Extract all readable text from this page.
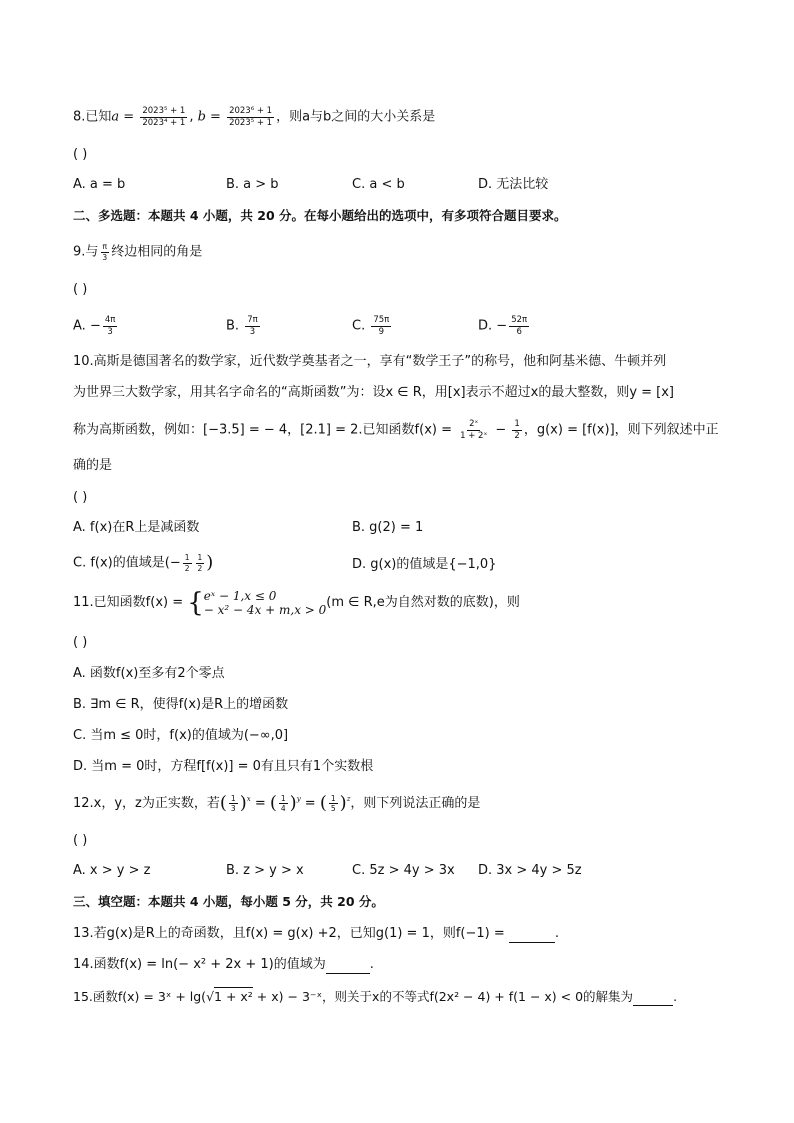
8.已知$a = \frac{\text{2023⁵ + 1}}{\text{2023⁴ + 1}}$ , $b = \frac{\text{2023⁶ + 1}}{\text{2023⁵ + 1}}$ ，则a与b之间的大小关系是
( )
A. a = b	B. a > b	C. a < b	D. 无法比较
二、多选题：本题共 4 小题，共 20 分。在每小题给出的选项中，有多项符合题目要求。
9.与 $\frac{\pi}{3}$ 终边相同的角是
( )
A. − $\frac{4\pi}{3}$	B. $\frac{7\pi}{3}$	C. $\frac{75\pi}{9}$	D. − $\frac{52\pi}{6}$
10.高斯是德国著名的数学家，近代数学奠基者之一，享有“数学王子”的称号，他和阿基米德、牛顿并列
为世界三大数学家，用其名字命名的“高斯函数”为：设x ∈ R，用[x]表示不超过x的最大整数，则y = [x]
称为高斯函数，例如：[−3.5] = − 4，[2.1] = 2.已知函数$f(x) = \frac{\text{2ˣ}}{\text{1 + 2ˣ}} - \frac{1}{2}$ ，g(x) = [f(x)]，则下列叙述中正
确的是
( )
A. f(x)在R上是减函数	B. g(2) = 1
C. f(x)的值域是(− $\frac{1}{2} \frac{1}{2}$ )	D. g(x)的值域是{−1,0}
11.已知函数f(x) = { eˣ − 1,x ≤ 0
− x² − 4x + m,x > 0 (m ∈ R,e为自然对数的底数)，则
( )
A. 函数f(x)至多有2个零点
B. ∃m ∈ R，使得f(x)是R上的增函数
C. 当m ≤ 0时，f(x)的值域为(−∞,0]
D. 当m = 0时，方程f[f(x)] = 0有且只有1个实数根
12.x，y，z为正实数，若( $\frac{1}{3} )^x$ = ( $\frac{1}{4} )^y$ = ( $\frac{1}{5} )^z$，则下列说法正确的是
( )
A. x > y > z	B. z > y > x	C. 5z > 4y > 3x D. 3x > 4y > 5z
三、填空题：本题共 4 小题，每小题 5 分，共 20 分。
13.若g(x)是R上的奇函数，且f(x) = g(x) +2，已知g(1) = 1，则f(−1) =	.
14.函数f(x) = ln(− x² + 2x + 1)的值域为	.
15.函数f(x) = 3ˣ + lg(√1 + x² + x) − 3⁻ˣ，则关于x的不等式f(2x² − 4) + f(1 − x) < 0的解集为	.
